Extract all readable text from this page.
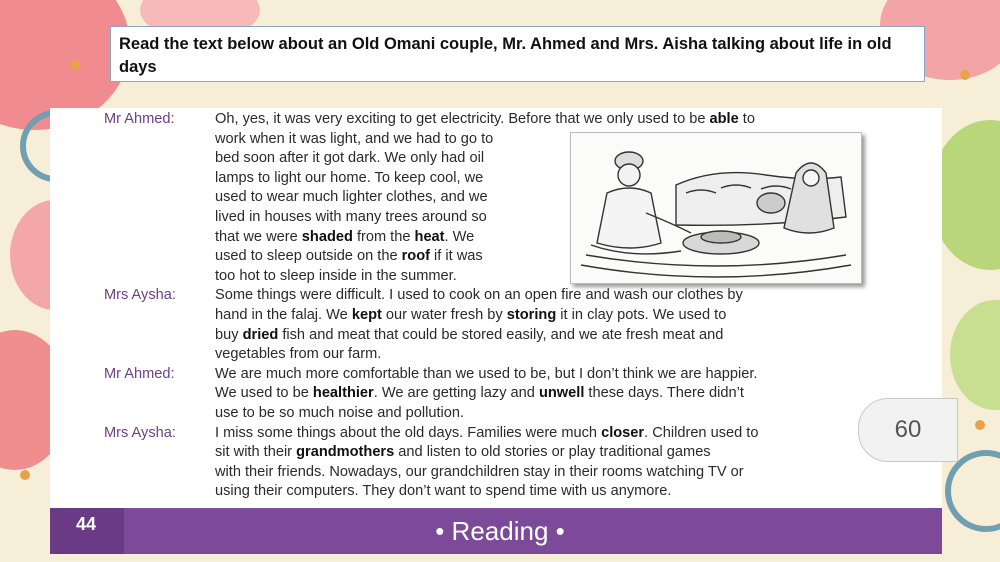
Read the text below about an Old Omani couple, Mr. Ahmed and Mrs. Aisha talking about life in old days
Mr Ahmed:	Oh, yes, it was very exciting to get electricity. Before that we only used to be able to
work when it was light, and we had to go to
bed soon after it got dark. We only had oil
lamps to light our home. To keep cool, we
used to wear much lighter clothes, and we
lived in houses with many trees around so
that we were shaded from the heat. We
used to sleep outside on the roof if it was
too hot to sleep inside in the summer.
Mrs Aysha:	Some things were difficult. I used to cook on an open fire and wash our clothes by
hand in the falaj. We kept our water fresh by storing it in clay pots. We used to
buy dried fish and meat that could be stored easily, and we ate fresh meat and
vegetables from our farm.
Mr Ahmed:	We are much more comfortable than we used to be, but I don’t think we are happier.
We used to be healthier. We are getting lazy and unwell these days. There didn’t
use to be so much noise and pollution.
Mrs Aysha:	I miss some things about the old days. Families were much closer. Children used to
sit with their grandmothers and listen to old stories or play traditional games
with their friends. Nowadays, our grandchildren stay in their rooms watching TV or
using their computers. They don’t want to spend time with us anymore.
60
44	• Reading •
